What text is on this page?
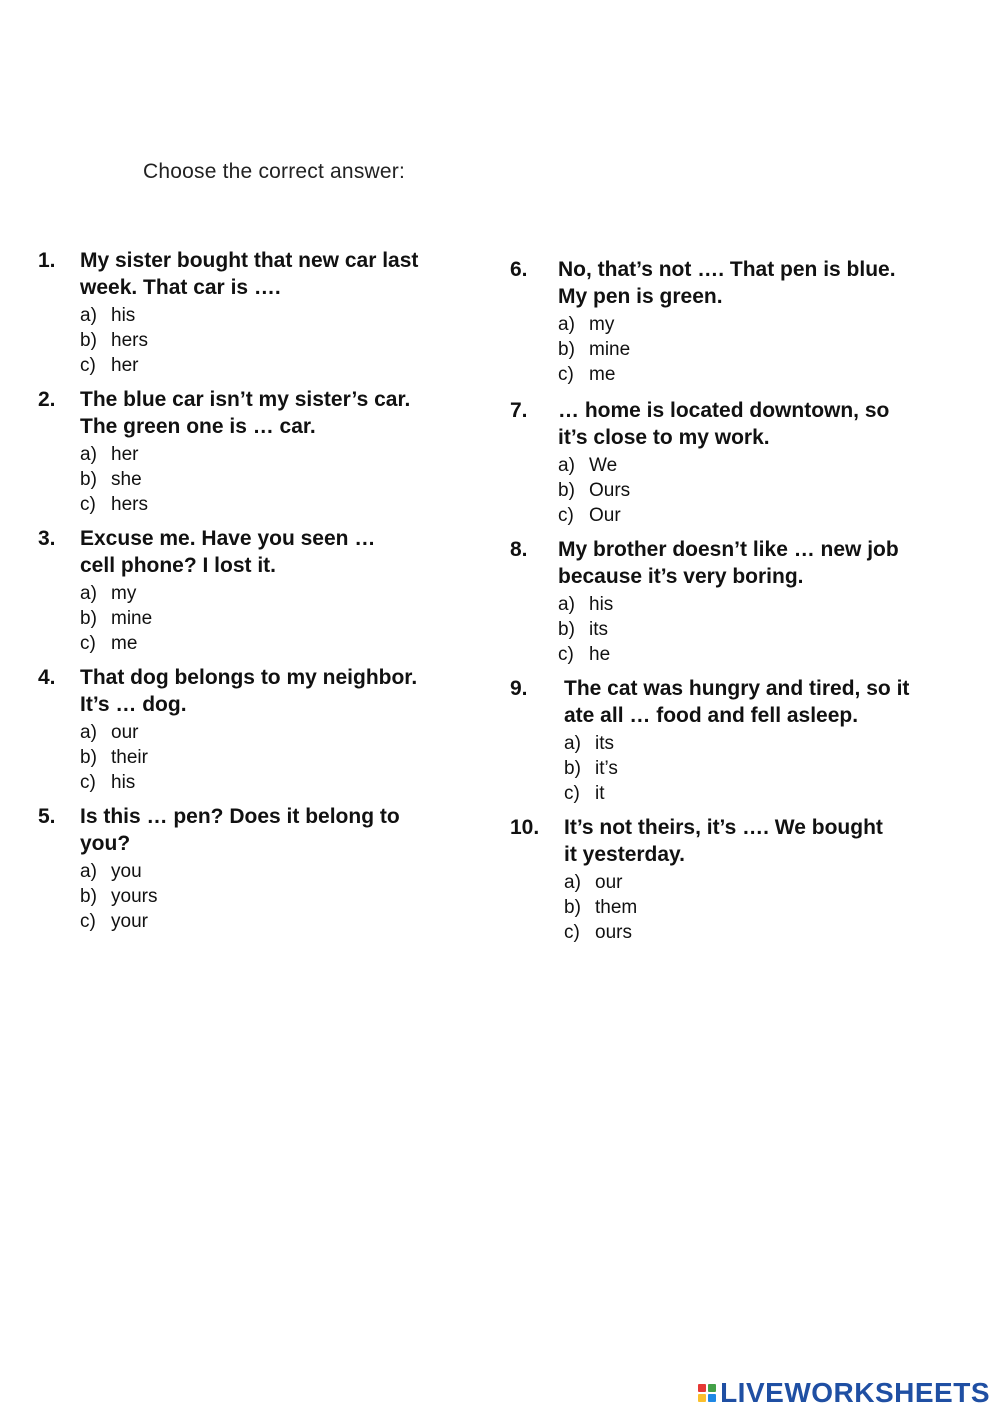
Choose the correct answer:
1.	My sister bought that new car last
week. That car is ….
a) his
b) hers
c) her
2.	The blue car isn’t my sister’s car.
The green one is … car.
a) her
b) she
c) hers
3.	Excuse me. Have you seen …
cell phone? I lost it.
a) my
b) mine
c) me
4.	That dog belongs to my neighbor.
It’s … dog.
a) our
b) their
c) his
5.	Is this … pen? Does it belong to
you?
a) you
b) yours
c) your
6.	No, that’s not …. That pen is blue.
My pen is green.
a) my
b) mine
c) me
7.	… home is located downtown, so
it’s close to my work.
a) We
b) Ours
c) Our
8.	My brother doesn’t like … new job
because it’s very boring.
a) his
b) its
c) he
9.	The cat was hungry and tired, so it
ate all … food and fell asleep.
a) its
b) it’s
c) it
10.	It’s not theirs, it’s …. We bought
it yesterday.
a) our
b) them
c) ours
LIVEWORKSHEETS
